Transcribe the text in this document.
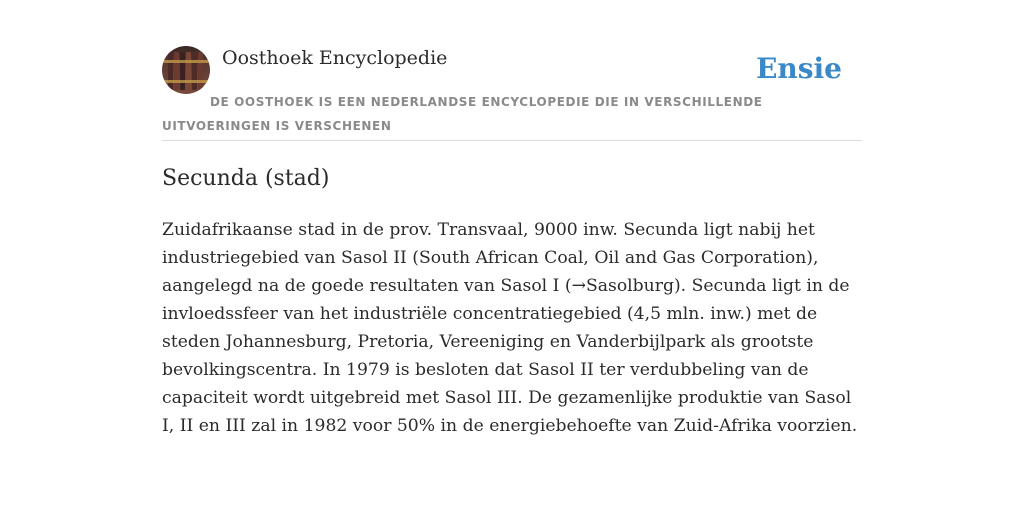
Oosthoek Encyclopedie	Ensie
DE OOSTHOEK IS EEN NEDERLANDSE ENCYCLOPEDIE DIE IN VERSCHILLENDE UITVOERINGEN IS VERSCHENEN
Secunda (stad)

Zuidafrikaanse stad in de prov. Transvaal, 9000 inw. Secunda ligt nabij het industriegebied van Sasol II (South African Coal, Oil and Gas Corporation), aangelegd na de goede resultaten van Sasol I (→Sasolburg). Secunda ligt in de invloedssfeer van het industriële concentratiegebied (4,5 mln. inw.) met de steden Johannesburg, Pretoria, Vereeniging en Vanderbijlpark als grootste bevolkingscentra. In 1979 is besloten dat Sasol II ter verdubbeling van de capaciteit wordt uitgebreid met Sasol III. De gezamenlijke produktie van Sasol I, II en III zal in 1982 voor 50% in de energiebehoefte van Zuid-Afrika voorzien.
